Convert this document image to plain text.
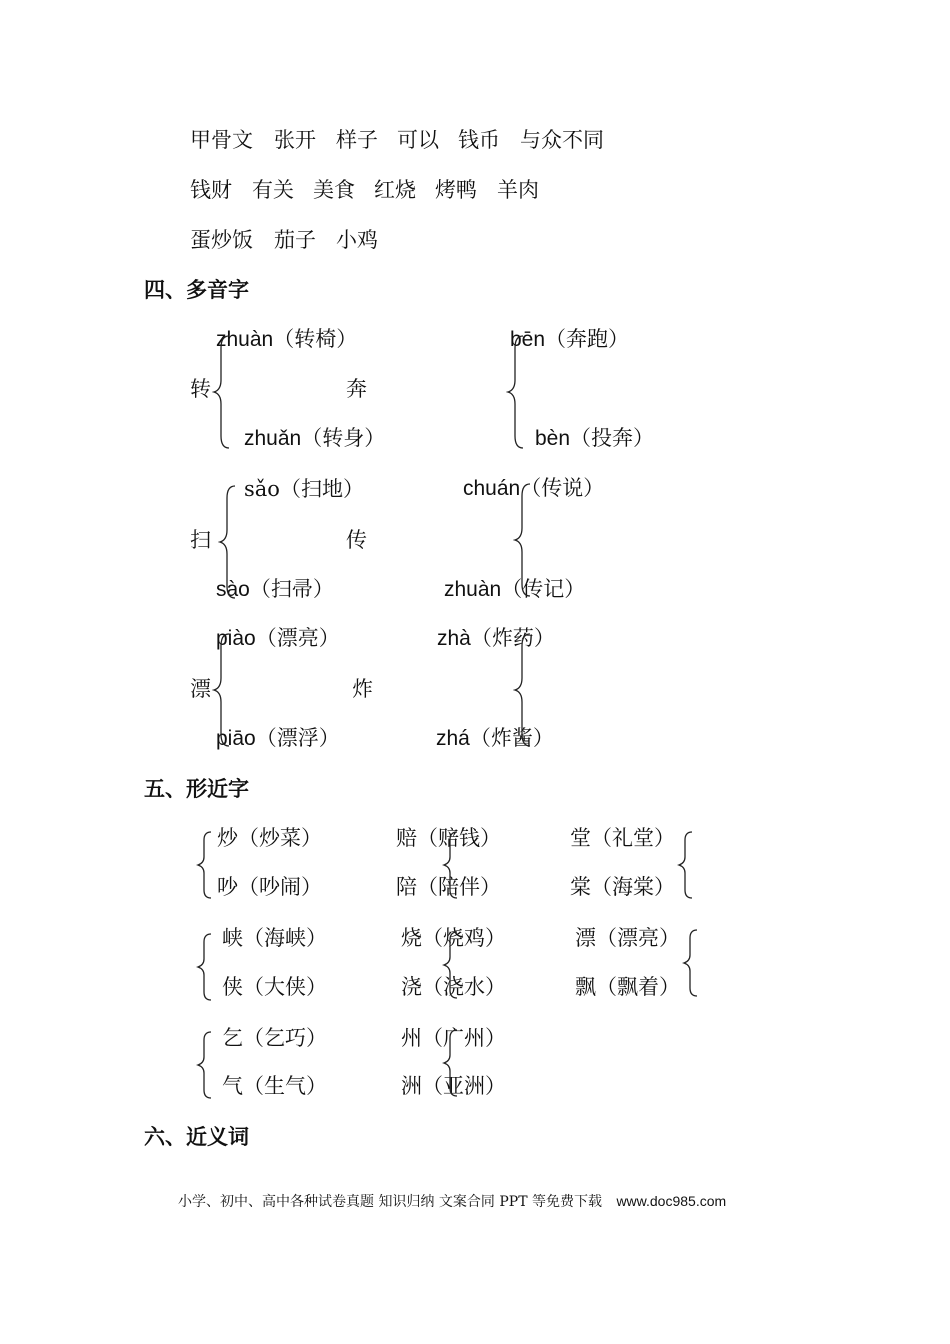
甲骨文 张开 样子 可以 钱币 与众不同
钱财 有关 美食 红烧 烤鸭 羊肉
蛋炒饭 茄子 小鸡
四、多音字
zhuàn（转椅）
转
zhuǎn（转身）
bēn（奔跑）
奔
bèn（投奔）
sǎo（扫地）
扫
sào（扫帚）
chuán（传说）
传
zhuàn（传记）
piào（漂亮）
漂
piāo（漂浮）
zhà（炸药）
炸
zhá（炸酱）
五、形近字
炒（炒菜）
吵（吵闹）
赔（赔钱）
陪（陪伴）
堂（礼堂）
棠（海棠）
峡（海峡）
侠（大侠）
烧（烧鸡）
浇（浇水）
漂（漂亮）
飘（飘着）
乞（乞巧）
气（生气）
州（广州）
洲（亚洲）
六、近义词
小学、初中、高中各种试卷真题 知识归纳 文案合同 PPT 等免费下载 www.doc985.com
